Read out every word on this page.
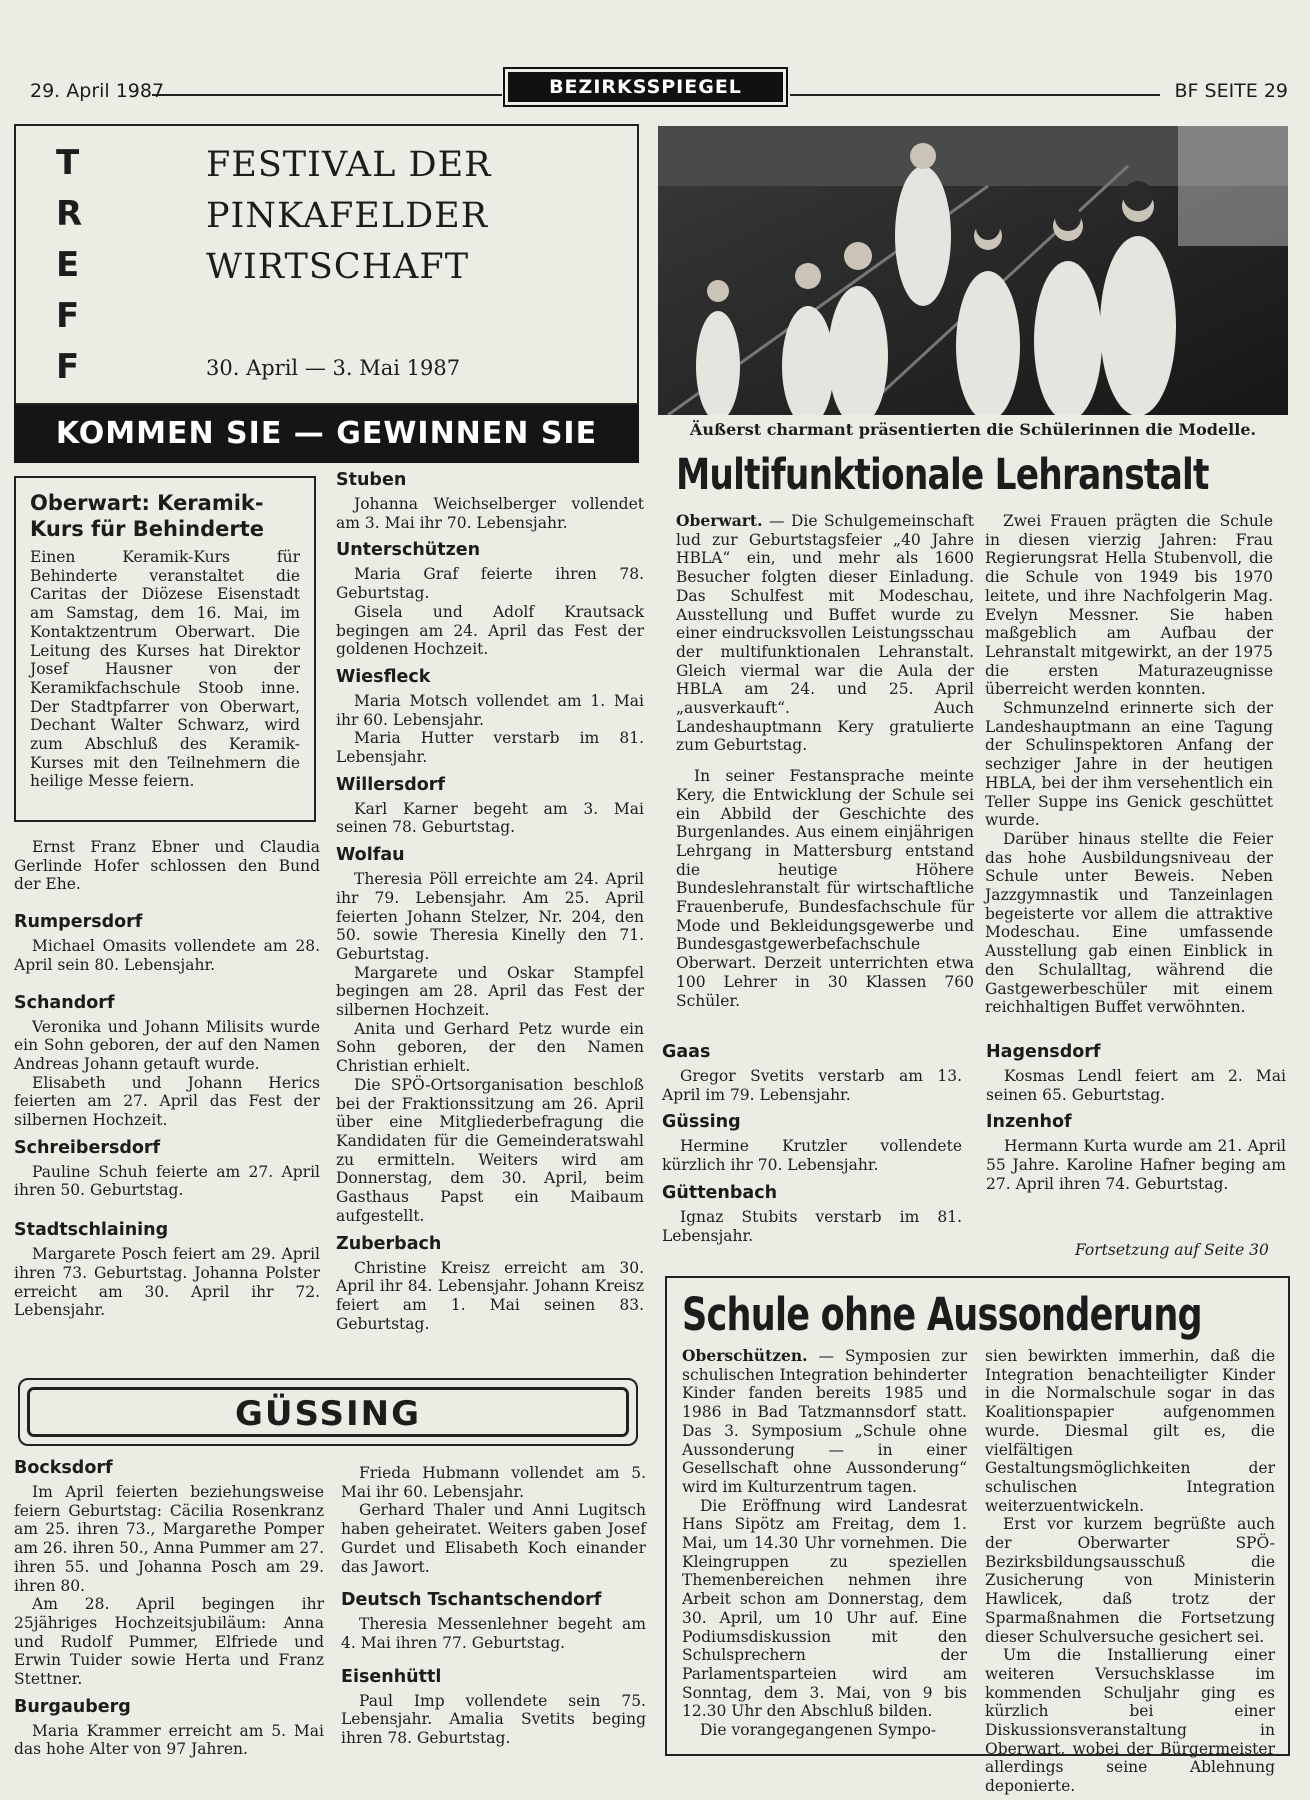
29. April 1987	BEZIRKSSPIEGEL	BF SEITE 29
T
R
E
F
F
FESTIVAL DER
PINKAFELDER
WIRTSCHAFT
30. April — 3. Mai 1987
KOMMEN SIE — GEWINNEN SIE	Äußerst charmant präsentierten die Schülerinnen die Modelle.
Multifunktionale Lehranstalt

Oberwart. — Die Schulgemeinschaft lud zur Geburtstagsfeier „40 Jahre HBLA“ ein, und mehr als 1600 Besucher folgten dieser Einladung. Das Schulfest mit Modeschau, Ausstellung und Buffet wurde zu einer eindrucksvollen Leistungsschau der multifunktionalen Lehranstalt. Gleich viermal war die Aula der HBLA am 24. und 25. April „ausverkauft“. Auch Landeshauptmann Kery gratulierte zum Geburtstag.

In seiner Festansprache meinte Kery, die Entwicklung der Schule sei ein Abbild der Geschichte des Burgenlandes. Aus einem einjährigen Lehrgang in Mattersburg entstand die heutige Höhere Bundeslehranstalt für wirtschaftliche Frauenberufe, Bundesfachschule für Mode und Bekleidungsgewerbe und Bundesgastgewerbefachschule Oberwart. Derzeit unterrichten etwa 100 Lehrer in 30 Klassen 760 Schüler.

Zwei Frauen prägten die Schule in diesen vierzig Jahren: Frau Regierungsrat Hella Stubenvoll, die die Schule von 1949 bis 1970 leitete, und ihre Nachfolgerin Mag. Evelyn Messner. Sie haben maßgeblich am Aufbau der Lehranstalt mitgewirkt, an der 1975 die ersten Maturazeugnisse überreicht werden konnten.

Schmunzelnd erinnerte sich der Landeshauptmann an eine Tagung der Schulinspektoren Anfang der sechziger Jahre in der heutigen HBLA, bei der ihm versehentlich ein Teller Suppe ins Genick geschüttet wurde.

Darüber hinaus stellte die Feier das hohe Ausbildungsniveau der Schule unter Beweis. Neben Jazzgymnastik und Tanzeinlagen begeisterte vor allem die attraktive Modeschau. Eine umfassende Ausstellung gab einen Einblick in den Schulalltag, während die Gastgewerbeschüler mit einem reichhaltigen Buffet verwöhnten.

Oberwart: Keramik-Kurs für Behinderte

Einen Keramik-Kurs für Behinderte veranstaltet die Caritas der Diözese Eisenstadt am Samstag, dem 16. Mai, im Kontaktzentrum Oberwart. Die Leitung des Kurses hat Direktor Josef Hausner von der Keramikfachschule Stoob inne. Der Stadtpfarrer von Oberwart, Dechant Walter Schwarz, wird zum Abschluß des Keramik-Kurses mit den Teilnehmern die heilige Messe feiern.

Ernst Franz Ebner und Claudia Gerlinde Hofer schlossen den Bund der Ehe.

Rumpersdorf

Michael Omasits vollendete am 28. April sein 80. Lebensjahr.

Schandorf

Veronika und Johann Milisits wurde ein Sohn geboren, der auf den Namen Andreas Johann getauft wurde.

Elisabeth und Johann Herics feierten am 27. April das Fest der silbernen Hochzeit.

Schreibersdorf

Pauline Schuh feierte am 27. April ihren 50. Geburtstag.

Stadtschlaining

Margarete Posch feiert am 29. April ihren 73. Geburtstag. Johanna Polster erreicht am 30. April ihr 72. Lebensjahr.

Stuben

Johanna Weichselberger vollendet am 3. Mai ihr 70. Lebensjahr.

Unterschützen

Maria Graf feierte ihren 78. Geburtstag.

Gisela und Adolf Krautsack begingen am 24. April das Fest der goldenen Hochzeit.

Wiesfleck

Maria Motsch vollendet am 1. Mai ihr 60. Lebensjahr.

Maria Hutter verstarb im 81. Lebensjahr.

Willersdorf

Karl Karner begeht am 3. Mai seinen 78. Geburtstag.

Wolfau

Theresia Pöll erreichte am 24. April ihr 79. Lebensjahr. Am 25. April feierten Johann Stelzer, Nr. 204, den 50. sowie Theresia Kinelly den 71. Geburtstag.

Margarete und Oskar Stampfel begingen am 28. April das Fest der silbernen Hochzeit.

Anita und Gerhard Petz wurde ein Sohn geboren, der den Namen Christian erhielt.

Die SPÖ-Ortsorganisation beschloß bei der Fraktionssitzung am 26. April über eine Mitgliederbefragung die Kandidaten für die Gemeinderatswahl zu ermitteln. Weiters wird am Donnerstag, dem 30. April, beim Gasthaus Papst ein Maibaum aufgestellt.

Zuberbach

Christine Kreisz erreicht am 30. April ihr 84. Lebensjahr. Johann Kreisz feiert am 1. Mai seinen 83. Geburtstag.

Gaas

Gregor Svetits verstarb am 13. April im 79. Lebensjahr.

Güssing

Hermine Krutzler vollendete kürzlich ihr 70. Lebensjahr.

Güttenbach

Ignaz Stubits verstarb im 81. Lebensjahr.

Hagensdorf

Kosmas Lendl feiert am 2. Mai seinen 65. Geburtstag.

Inzenhof

Hermann Kurta wurde am 21. April 55 Jahre. Karoline Hafner beging am 27. April ihren 74. Geburtstag.

Fortsetzung auf Seite 30
GÜSSING
Bocksdorf

Im April feierten beziehungsweise feiern Geburtstag: Cäcilia Rosenkranz am 25. ihren 73., Margarethe Pomper am 26. ihren 50., Anna Pummer am 27. ihren 55. und Johanna Posch am 29. ihren 80.

Am 28. April begingen ihr 25jähriges Hochzeitsjubiläum: Anna und Rudolf Pummer, Elfriede und Erwin Tuider sowie Herta und Franz Stettner.

Burgauberg

Maria Krammer erreicht am 5. Mai das hohe Alter von 97 Jahren.

Frieda Hubmann vollendet am 5. Mai ihr 60. Lebensjahr.

Gerhard Thaler und Anni Lugitsch haben geheiratet. Weiters gaben Josef Gurdet und Elisabeth Koch einander das Jawort.

Deutsch Tschantschendorf

Theresia Messenlehner begeht am 4. Mai ihren 77. Geburtstag.

Eisenhüttl

Paul Imp vollendete sein 75. Lebensjahr. Amalia Svetits beging ihren 78. Geburtstag.

Schule ohne Aussonderung

Oberschützen. — Symposien zur schulischen Integration behinderter Kinder fanden bereits 1985 und 1986 in Bad Tatzmannsdorf statt. Das 3. Symposium „Schule ohne Aussonderung — in einer Gesellschaft ohne Aussonderung“ wird im Kulturzentrum tagen.

Die Eröffnung wird Landesrat Hans Sipötz am Freitag, dem 1. Mai, um 14.30 Uhr vornehmen. Die Kleingruppen zu speziellen Themenbereichen nehmen ihre Arbeit schon am Donnerstag, dem 30. April, um 10 Uhr auf. Eine Podiumsdiskussion mit den Schulsprechern der Parlamentsparteien wird am Sonntag, dem 3. Mai, von 9 bis 12.30 Uhr den Abschluß bilden.

Die vorangegangenen Sympo-

sien bewirkten immerhin, daß die Integration benachteiligter Kinder in die Normalschule sogar in das Koalitionspapier aufgenommen wurde. Diesmal gilt es, die vielfältigen Gestaltungsmöglichkeiten der schulischen Integration weiterzuentwickeln.

Erst vor kurzem begrüßte auch der Oberwarter SPÖ-Bezirksbildungsausschuß die Zusicherung von Ministerin Hawlicek, daß trotz der Sparmaßnahmen die Fortsetzung dieser Schulversuche gesichert sei.

Um die Installierung einer weiteren Versuchsklasse im kommenden Schuljahr ging es kürzlich bei einer Diskussionsveranstaltung in Oberwart, wobei der Bürgermeister allerdings seine Ablehnung deponierte.
